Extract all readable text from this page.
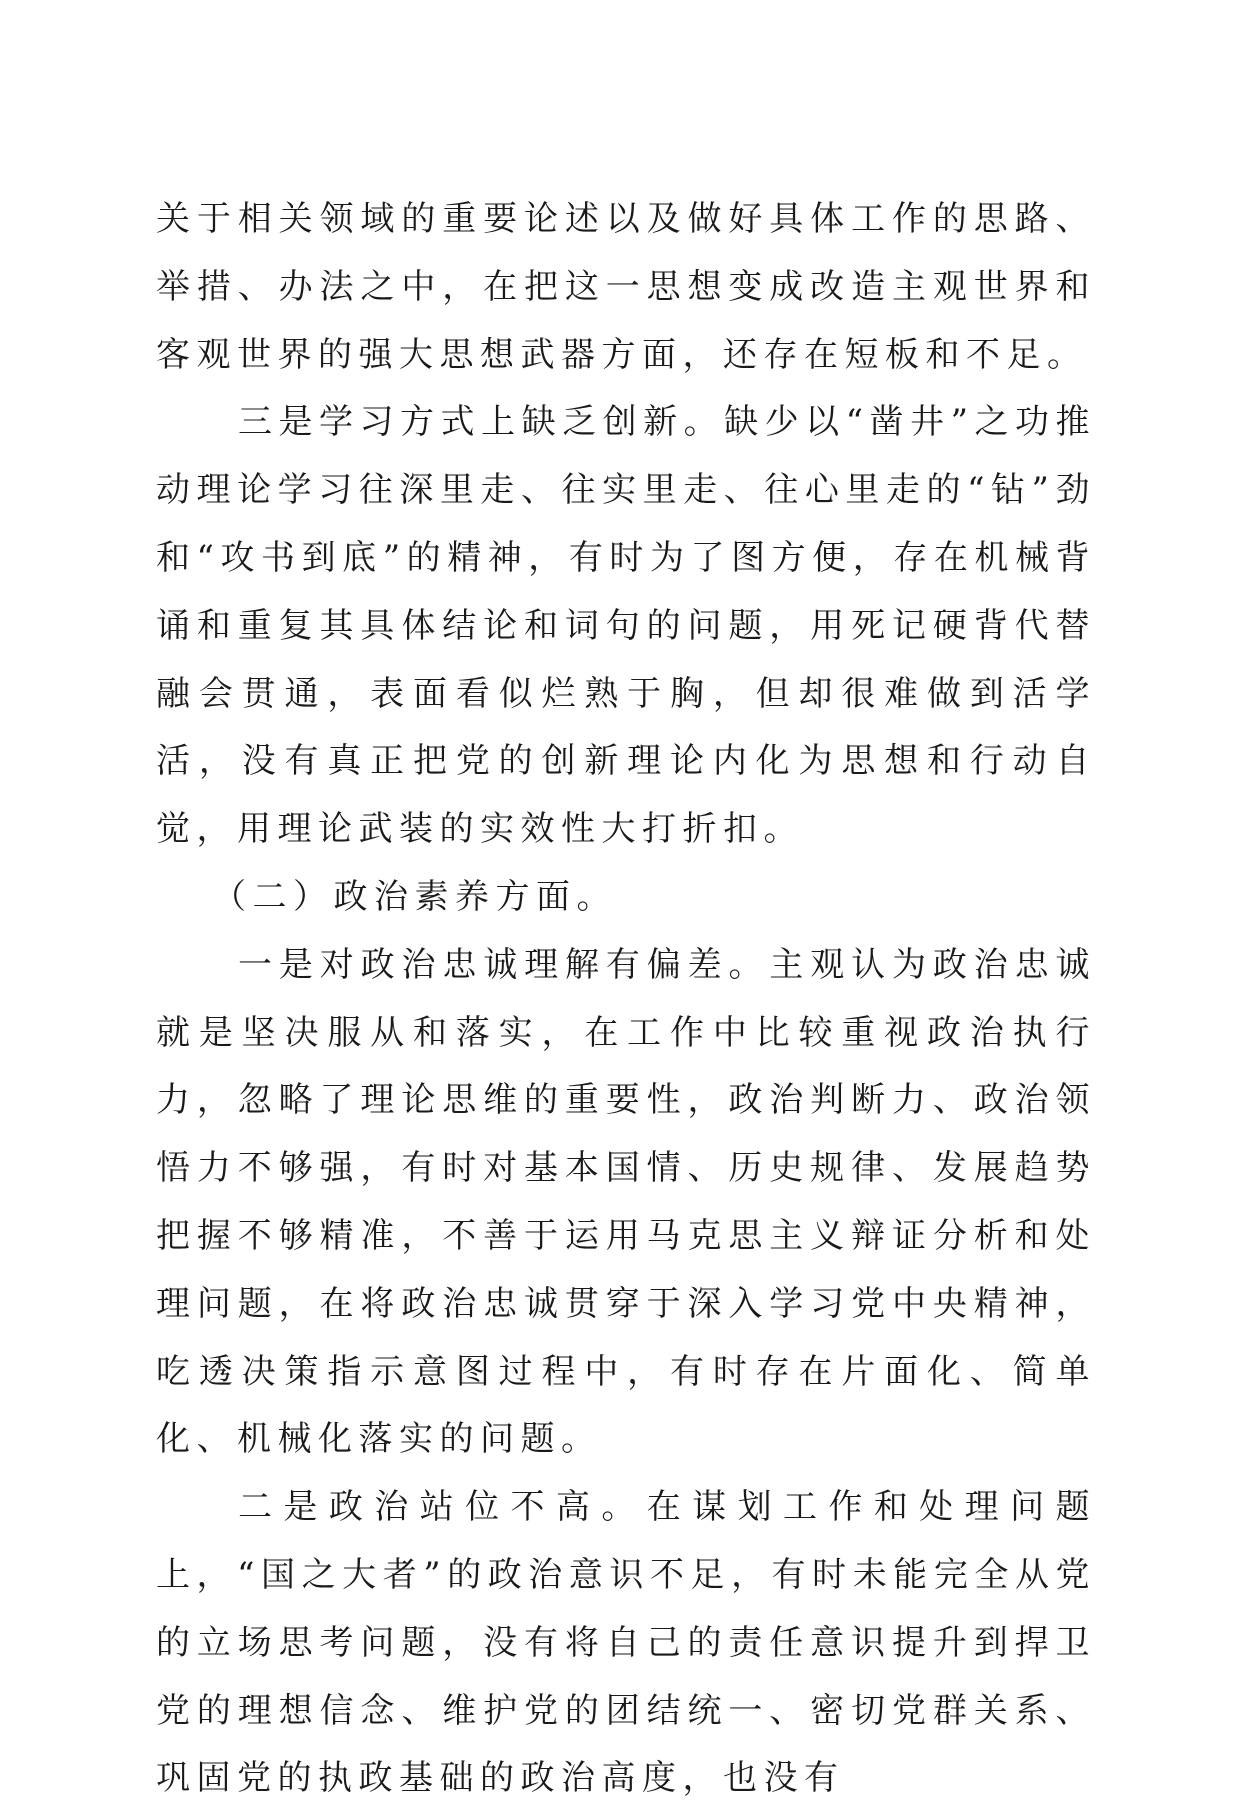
关于相关领域的重要论述以及做好具体工作的思路、举措、办法之中，在把这一思想变成改造主观世界和客观世界的强大思想武器方面，还存在短板和不足。

三是学习方式上缺乏创新。缺少以“凿井”之功推动理论学习往深里走、往实里走、往心里走的“钻”劲和“攻书到底”的精神，有时为了图方便，存在机械背诵和重复其具体结论和词句的问题，用死记硬背代替融会贯通，表面看似烂熟于胸，但却很难做到活学活，没有真正把党的创新理论内化为思想和行动自觉，用理论武装的实效性大打折扣。

（二）政治素养方面。

一是对政治忠诚理解有偏差。主观认为政治忠诚就是坚决服从和落实，在工作中比较重视政治执行力，忽略了理论思维的重要性，政治判断力、政治领悟力不够强，有时对基本国情、历史规律、发展趋势把握不够精准，不善于运用马克思主义辩证分析和处理问题，在将政治忠诚贯穿于深入学习党中央精神，吃透决策指示意图过程中，有时存在片面化、简单化、机械化落实的问题。

二是政治站位不高。在谋划工作和处理问题上，“国之大者”的政治意识不足，有时未能完全从党的立场思考问题，没有将自己的责任意识提升到捍卫党的理想信念、维护党的团结统一、密切党群关系、巩固党的执政基础的政治高度，也没有
